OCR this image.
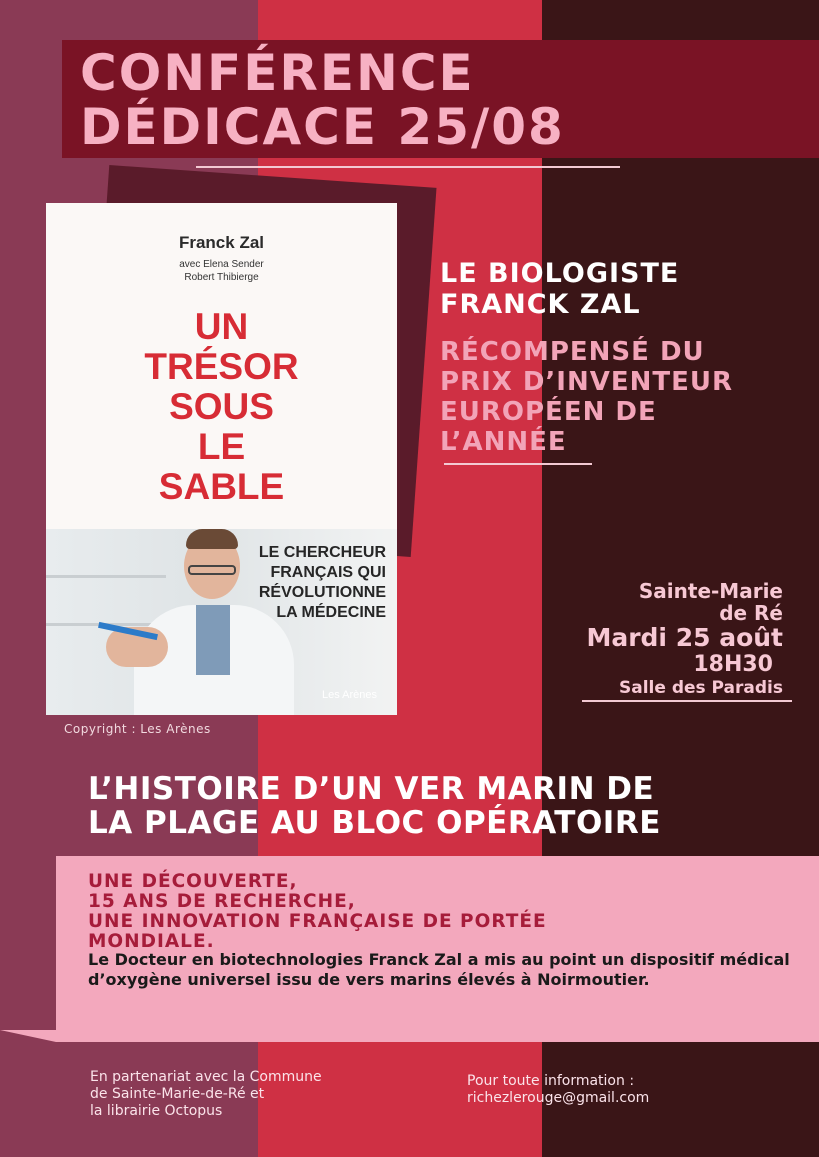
CONFÉRENCE
DÉDICACE 25/08
Franck Zal
avec Elena Sender
Robert Thibierge
UN
TRÉSOR
SOUS
LE
SABLE
LE CHERCHEUR
FRANÇAIS QUI
RÉVOLUTIONNE
LA MÉDECINE
Les Arènes
Copyright : Les Arènes
LE BIOLOGISTE
FRANCK ZAL
RÉCOMPENSÉ DU
PRIX D’INVENTEUR
EUROPÉEN DE
L’ANNÉE
Sainte-Marie
de Ré
Mardi 25 août
18H30
Salle des Paradis
L’HISTOIRE D’UN VER MARIN DE
LA PLAGE AU BLOC OPÉRATOIRE
UNE DÉCOUVERTE,
15 ANS DE RECHERCHE,
UNE INNOVATION FRANÇAISE DE PORTÉE
MONDIALE.
Le Docteur en biotechnologies Franck Zal a mis au point un dispositif médical d’oxygène universel issu de vers marins élevés à Noirmoutier.
En partenariat avec la Commune
de Sainte-Marie-de-Ré et
la librairie Octopus
Pour toute information :
richezlerouge@gmail.com
